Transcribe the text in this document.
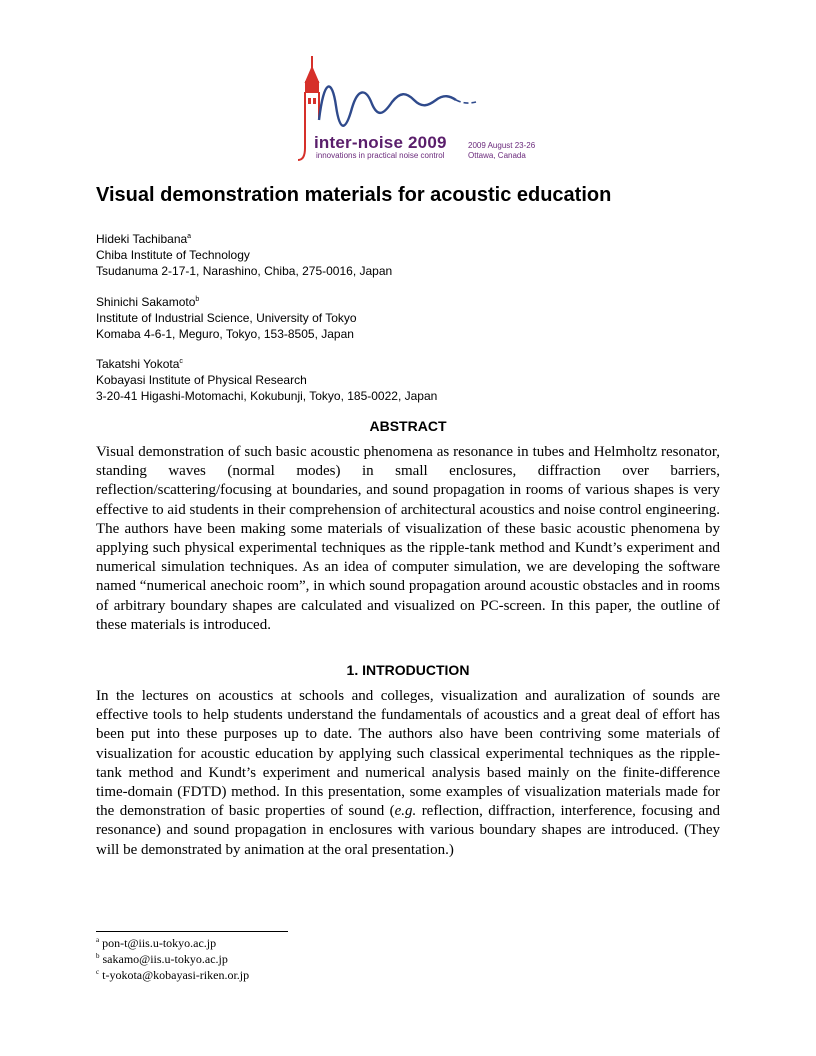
inter-noise 2009
innovations in practical noise control
2009 August 23-26
Ottawa, Canada
Visual demonstration materials for acoustic education
Hideki Tachibana$^a$
Chiba Institute of Technology
Tsudanuma 2-17-1, Narashino, Chiba, 275-0016, Japan
Shinichi Sakamoto$^b$
Institute of Industrial Science, University of Tokyo
Komaba 4-6-1, Meguro, Tokyo, 153-8505, Japan
Takatshi Yokota$^c$
Kobayasi Institute of Physical Research
3-20-41 Higashi-Motomachi, Kokubunji, Tokyo, 185-0022, Japan
ABSTRACT
Visual demonstration of such basic acoustic phenomena as resonance in tubes and Helmholtz resonator, standing waves (normal modes) in small enclosures, diffraction over barriers, reflection/scattering/focusing at boundaries, and sound propagation in rooms of various shapes is very effective to aid students in their comprehension of architectural acoustics and noise control engineering. The authors have been making some materials of visualization of these basic acoustic phenomena by applying such physical experimental techniques as the ripple-tank method and Kundt’s experiment and numerical simulation techniques. As an idea of computer simulation, we are developing the software named “numerical anechoic room”, in which sound propagation around acoustic obstacles and in rooms of arbitrary boundary shapes are calculated and visualized on PC-screen. In this paper, the outline of these materials is introduced.
1. INTRODUCTION
In the lectures on acoustics at schools and colleges, visualization and auralization of sounds are effective tools to help students understand the fundamentals of acoustics and a great deal of effort has been put into these purposes up to date. The authors also have been contriving some materials of visualization for acoustic education by applying such classical experimental techniques as the ripple-tank method and Kundt’s experiment and numerical analysis based mainly on the finite-difference time-domain (FDTD) method. In this presentation, some examples of visualization materials made for the demonstration of basic properties of sound (e.g. reflection, diffraction, interference, focusing and resonance) and sound propagation in enclosures with various boundary shapes are introduced. (They will be demonstrated by animation at the oral presentation.)
$^a$ pon-t@iis.u-tokyo.ac.jp
$^b$ sakamo@iis.u-tokyo.ac.jp
$^c$ t-yokota@kobayasi-riken.or.jp
